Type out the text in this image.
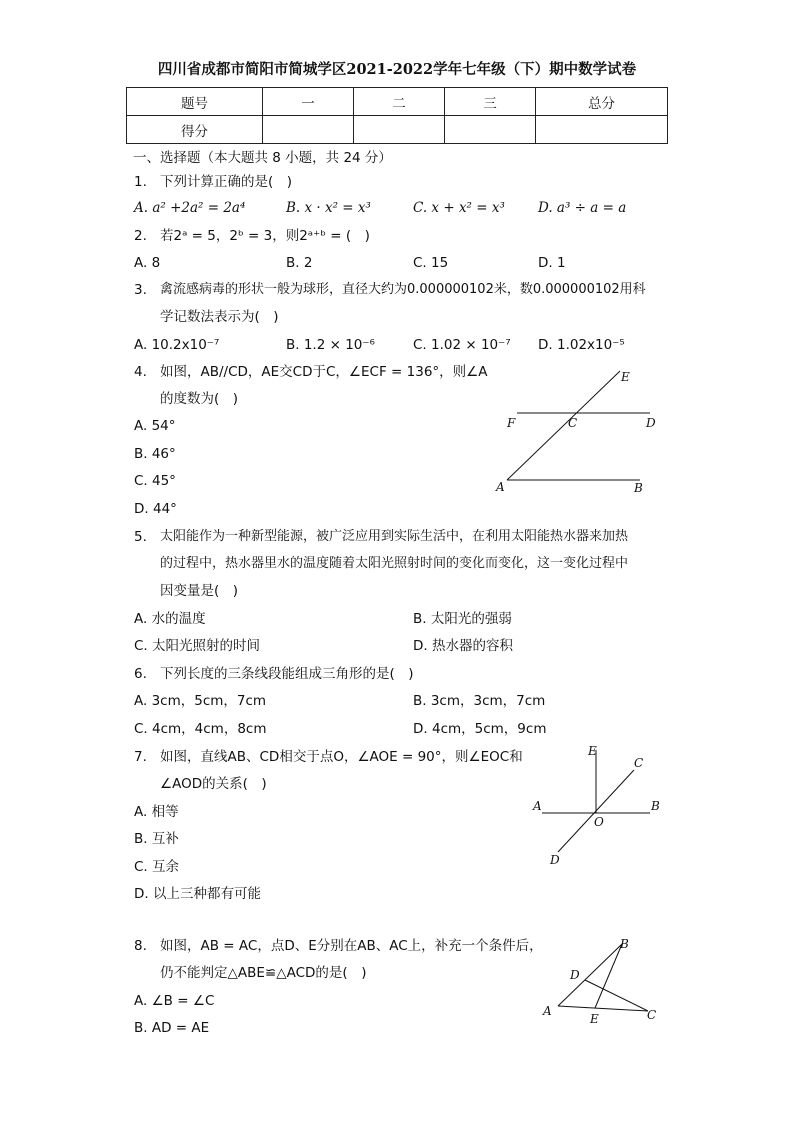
四川省成都市简阳市简城学区2021-2022学年七年级（下）期中数学试卷
题号	一	二	三	总分
得分				
一、选择题（本大题共 8 小题，共 24 分）
1. 下列计算正确的是(　)
A. a² +2a² = 2a⁴	B. x · x² = x³	C. x + x² = x³ D. a³ ÷ a = a
2. 若2ᵃ = 5，2ᵇ = 3，则2ᵃ⁺ᵇ = (　)
A. 8	B. 2	C. 15	D. 1
3. 禽流感病毒的形状一般为球形，直径大约为0.000000102米，数0.000000102用科
学记数法表示为(　)
A. 10.2x10⁻⁷	B. 1.2 × 10⁻⁶	C. 1.02 × 10⁻⁷ D. 1.02x10⁻⁵
4. 如图，AB//CD，AE交CD于C，∠ECF = 136°，则∠A
的度数为(　)
A. 54°
B. 46°
C. 45°
D. 44°
E
F	C	D
A	B
5. 太阳能作为一种新型能源，被广泛应用到实际生活中，在利用太阳能热水器来加热
的过程中，热水器里水的温度随着太阳光照射时间的变化而变化，这一变化过程中
因变量是(　)
A. 水的温度	B. 太阳光的强弱
C. 太阳光照射的时间	D. 热水器的容积
6. 下列长度的三条线段能组成三角形的是(　)
A. 3cm，5cm，7cm	B. 3cm，3cm，7cm
C. 4cm，4cm，8cm	D. 4cm，5cm，9cm
7. 如图，直线AB、CD相交于点O，∠AOE = 90°，则∠EOC和
∠AOD的关系(　)
A. 相等
B. 互补
C. 互余
D. 以上三种都有可能
E
C
A	B
O
D
8. 如图，AB = AC，点D、E分别在AB、AC上，补充一个条件后，
仍不能判定△ABE≌△ACD的是(　)
A. ∠B = ∠C
B. AD = AE
B
D
A
E	C
